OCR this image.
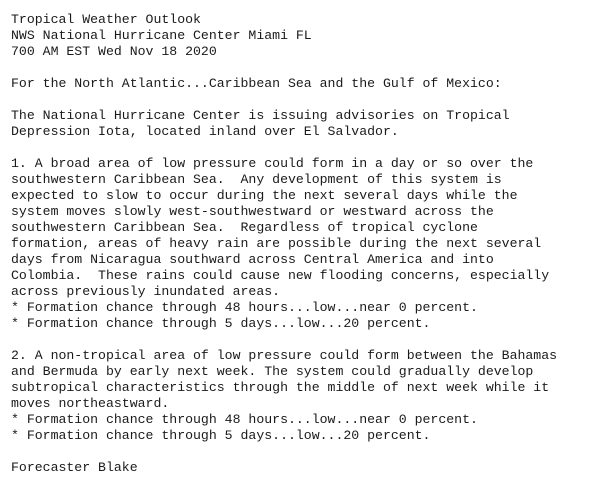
Tropical Weather Outlook
NWS National Hurricane Center Miami FL
700 AM EST Wed Nov 18 2020
For the North Atlantic...Caribbean Sea and the Gulf of Mexico:
The National Hurricane Center is issuing advisories on Tropical
Depression Iota, located inland over El Salvador.
1. A broad area of low pressure could form in a day or so over the
southwestern Caribbean Sea.  Any development of this system is
expected to slow to occur during the next several days while the
system moves slowly west-southwestward or westward across the
southwestern Caribbean Sea.  Regardless of tropical cyclone
formation, areas of heavy rain are possible during the next several
days from Nicaragua southward across Central America and into
Colombia.  These rains could cause new flooding concerns, especially
across previously inundated areas.
* Formation chance through 48 hours...low...near 0 percent.
* Formation chance through 5 days...low...20 percent.
2. A non-tropical area of low pressure could form between the Bahamas
and Bermuda by early next week. The system could gradually develop
subtropical characteristics through the middle of next week while it
moves northeastward.
* Formation chance through 48 hours...low...near 0 percent.
* Formation chance through 5 days...low...20 percent.
Forecaster Blake
